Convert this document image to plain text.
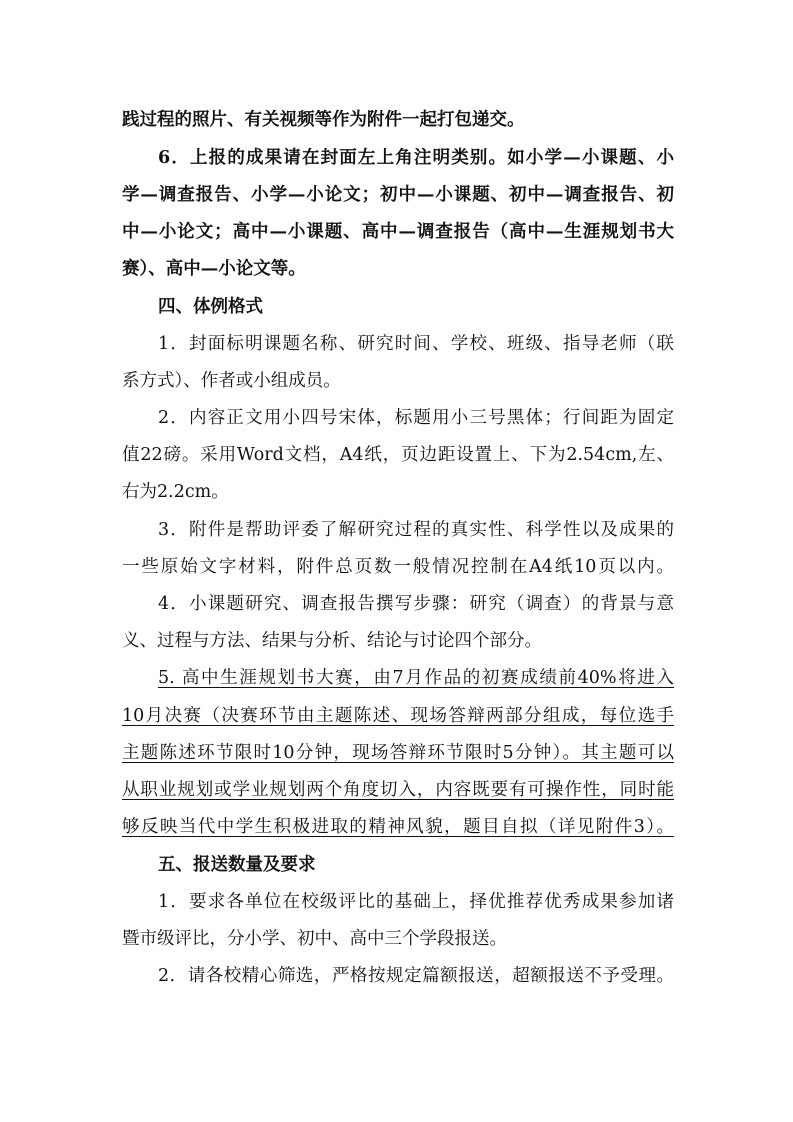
践过程的照片、有关视频等作为附件一起打包递交。
6．上报的成果请在封面左上角注明类别。如小学—小课题、小
学—调查报告、小学—小论文；初中—小课题、初中—调查报告、初
中—小论文；高中—小课题、高中—调查报告（高中—生涯规划书大
赛）、高中—小论文等。
四、体例格式
1．封面标明课题名称、研究时间、学校、班级、指导老师（联
系方式）、作者或小组成员。
2．内容正文用小四号宋体，标题用小三号黑体；行间距为固定
值22磅。采用Word文档，A4纸，页边距设置上、下为2.54cm,左、
右为2.2cm。
3．附件是帮助评委了解研究过程的真实性、科学性以及成果的
一些原始文字材料，附件总页数一般情况控制在A4纸10页以内。
4．小课题研究、调查报告撰写步骤：研究（调查）的背景与意
义、过程与方法、结果与分析、结论与讨论四个部分。
5. 高中生涯规划书大赛，由7月作品的初赛成绩前40%将进入
10月决赛（决赛环节由主题陈述、现场答辩两部分组成，每位选手
主题陈述环节限时10分钟，现场答辩环节限时5分钟）。其主题可以
从职业规划或学业规划两个角度切入，内容既要有可操作性，同时能
够反映当代中学生积极进取的精神风貌，题目自拟（详见附件3）。
五、报送数量及要求
1．要求各单位在校级评比的基础上，择优推荐优秀成果参加诸
暨市级评比，分小学、初中、高中三个学段报送。
2．请各校精心筛选，严格按规定篇额报送，超额报送不予受理。
